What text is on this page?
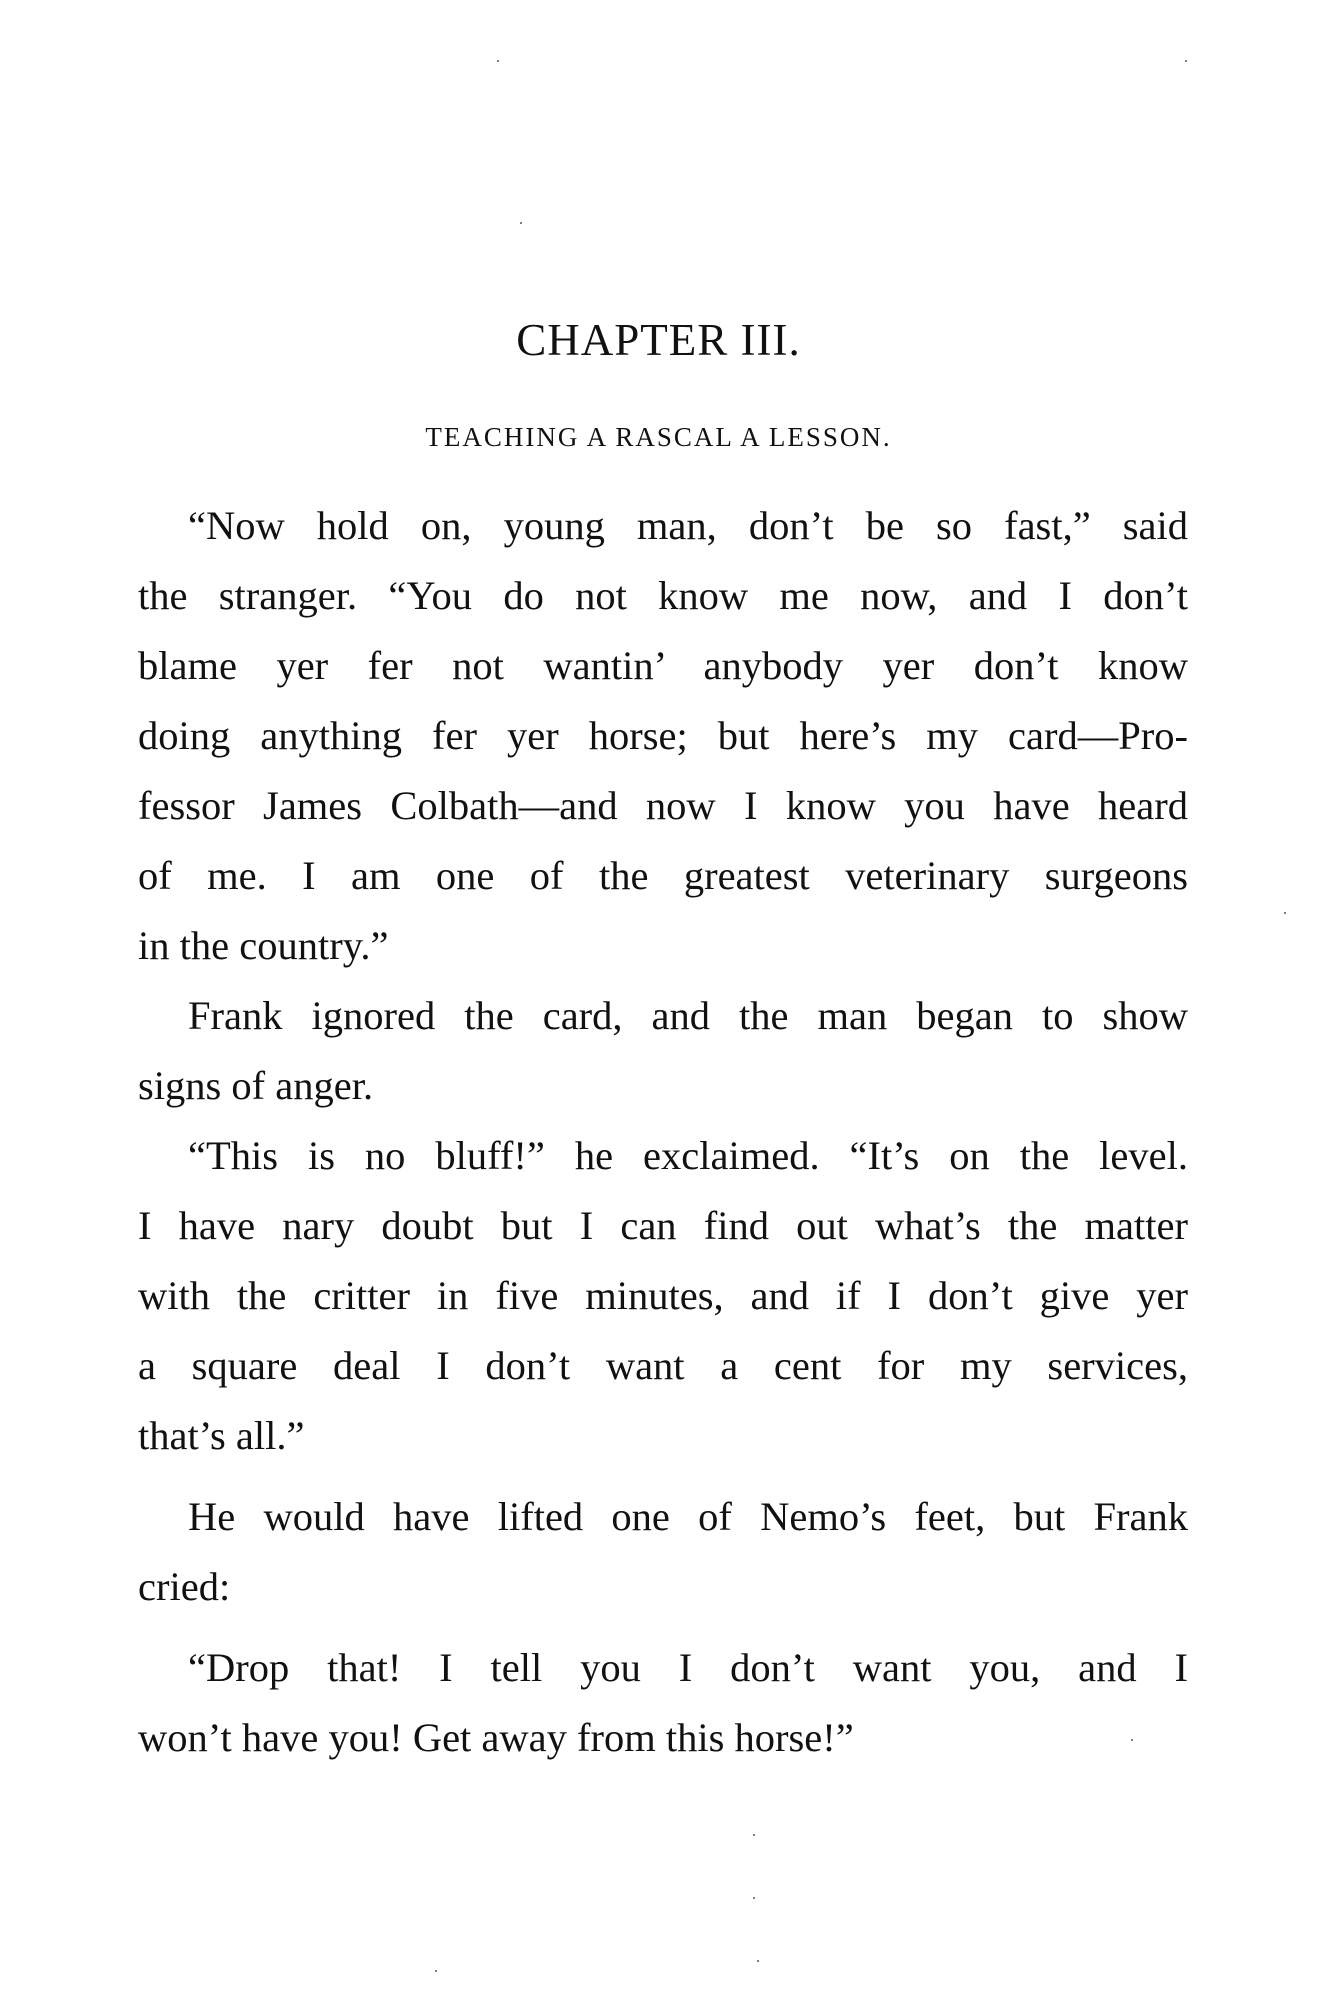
CHAPTER III.
TEACHING A RASCAL A LESSON.

“Now hold on, young man, don’t be so fast,” said

the stranger. “You do not know me now, and I don’t

blame yer fer not wantin’ anybody yer don’t know

doing anything fer yer horse; but here’s my card—Pro-

fessor James Colbath—and now I know you have heard

of me. I am one of the greatest veterinary surgeons

in the country.”

Frank ignored the card, and the man began to show

signs of anger.

“This is no bluff!” he exclaimed. “It’s on the level.

I have nary doubt but I can find out what’s the matter

with the critter in five minutes, and if I don’t give yer

a square deal I don’t want a cent for my services,

that’s all.”

He would have lifted one of Nemo’s feet, but Frank

cried:

“Drop that! I tell you I don’t want you, and I

won’t have you! Get away from this horse!”
